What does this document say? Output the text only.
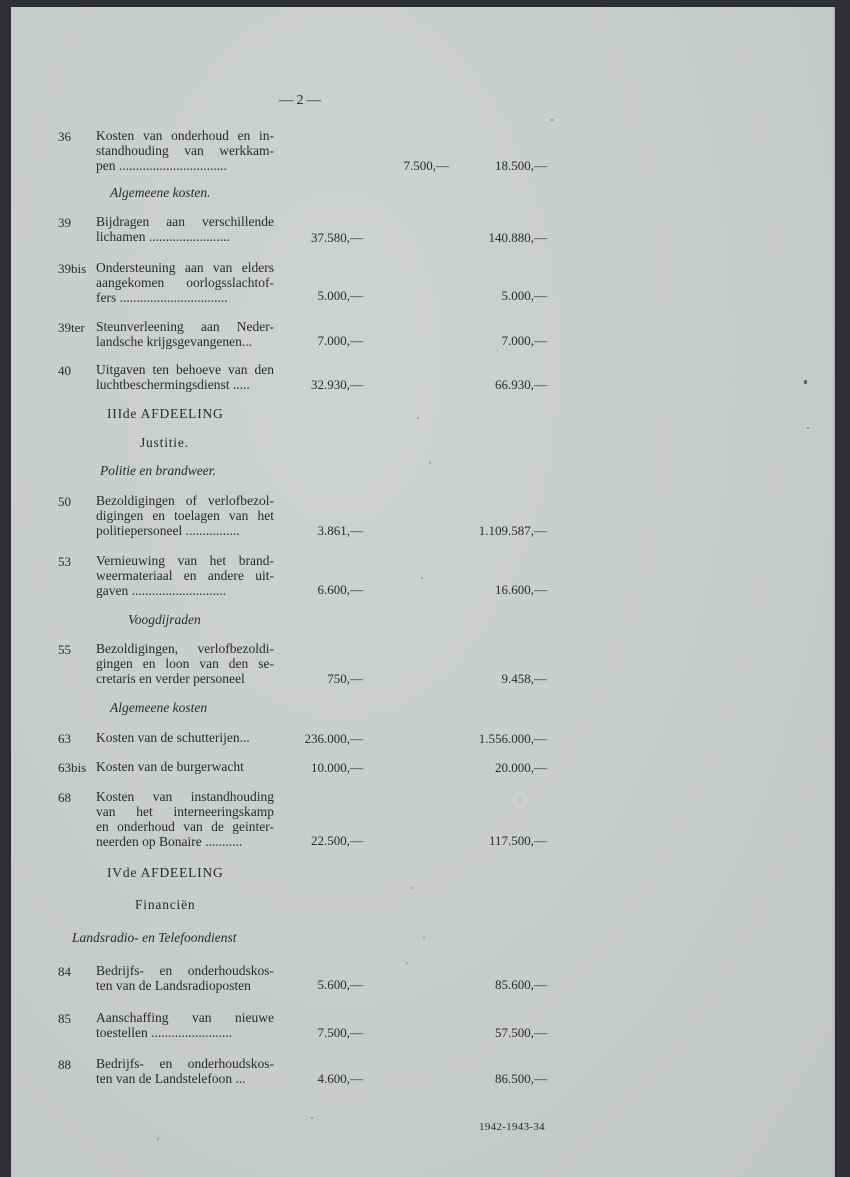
— 2 —
36 Kosten van onderhoud en in-
standhouding van werkkam-
pen ................................	7.500,—	18.500,—
Algemeene kosten.
39 Bijdragen aan verschillende
lichamen ........................	37.580,—	140.880,—
39bis Ondersteuning aan van elders
aangekomen oorlogsslachtof-
fers ................................	5.000,—	5.000,—
39ter Steunverleening aan Neder-
landsche krijgsgevangenen...	7.000,—	7.000,—
40 Uitgaven ten behoeve van den
luchtbeschermingsdienst .....	32.930,—	66.930,—
IIIde AFDEELING
Justitie.
Politie en brandweer.
50 Bezoldigingen of verlofbezol-
digingen en toelagen van het
politiepersoneel ................	3.861,—	1.109.587,—
53 Vernieuwing van het brand-
weermateriaal en andere uit-
gaven ............................	6.600,—	16.600,—
Voogdijraden
55 Bezoldigingen, verlofbezoldi-
gingen en loon van den se-
cretaris en verder personeel	750,—	9.458,—
Algemeene kosten
63 Kosten van de schutterijen...	236.000,—	1.556.000,—
63bis Kosten van de burgerwacht	10.000,—	20.000,—
68 Kosten van instandhouding
van het interneeringskamp
en onderhoud van de geinter-
neerden op Bonaire ...........	22.500,—	117.500,—
IVde AFDEELING
Financiën
Landsradio- en Telefoondienst
84 Bedrijfs- en onderhoudskos-
ten van de Landsradioposten	5.600,—	85.600,—
85 Aanschaffing van nieuwe
toestellen ........................	7.500,—	57.500,—
88 Bedrijfs- en onderhoudskos-
ten van de Landstelefoon ...	4.600,—	86.500,—
1942-1943-34
